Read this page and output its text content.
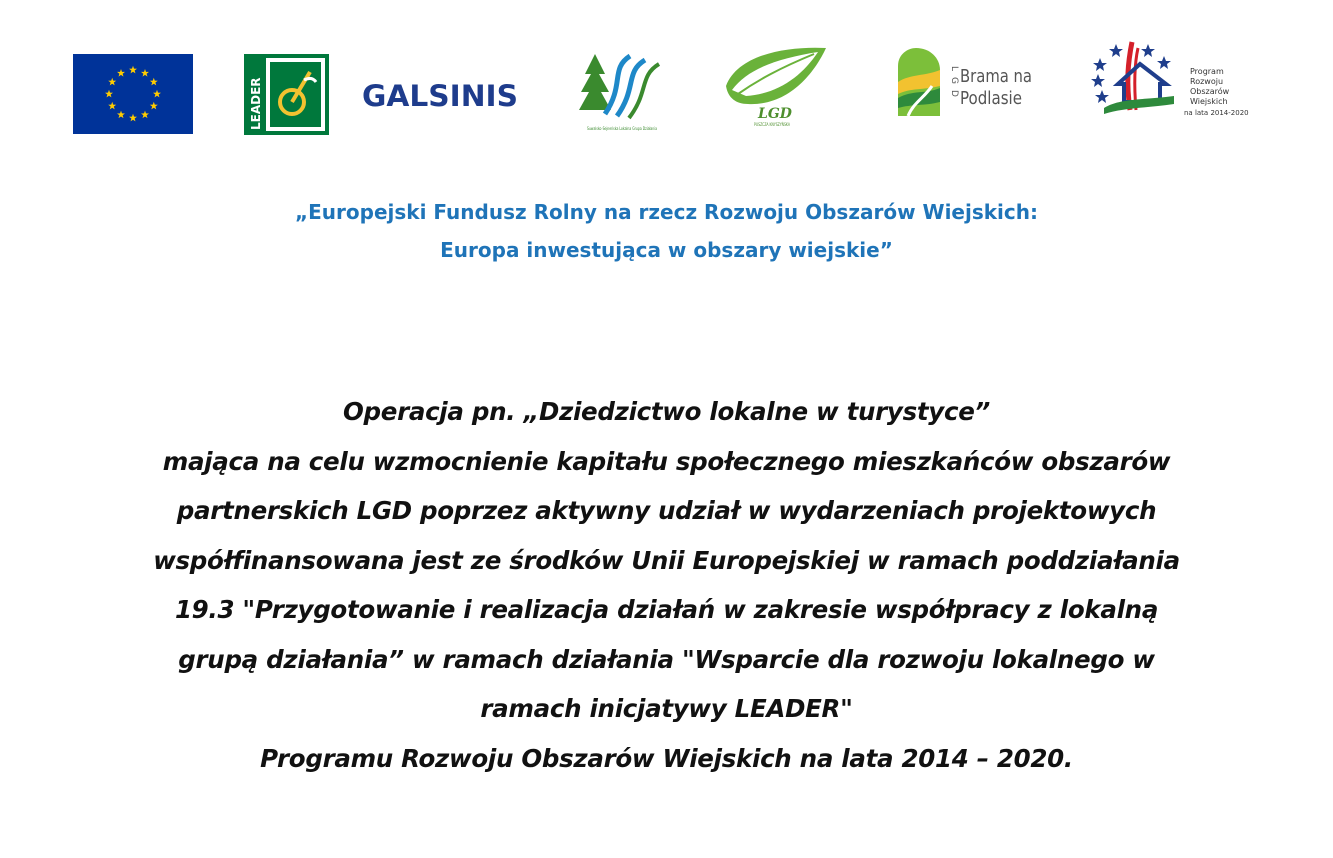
LEADER	GALSINIS
Suwalsko-Sejneńska Lokalna Grupa Działania
LGD
PUSZCZA KNYSZYŃSKA
LGD Brama na
Podlasie
Program
Rozwoju
Obszarów
Wiejskich
na lata 2014-2020
„Europejski Fundusz Rolny na rzecz Rozwoju Obszarów Wiejskich:
Europa inwestująca w obszary wiejskie”
Operacja pn. „Dziedzictwo lokalne w turystyce”
mająca na celu wzmocnienie kapitału społecznego mieszkańców obszarów
partnerskich LGD poprzez aktywny udział w wydarzeniach projektowych
współfinansowana jest ze środków Unii Europejskiej w ramach poddziałania
19.3 "Przygotowanie i realizacja działań w zakresie współpracy z lokalną
grupą działania” w ramach działania "Wsparcie dla rozwoju lokalnego w
ramach inicjatywy LEADER"
Programu Rozwoju Obszarów Wiejskich na lata 2014 – 2020.
